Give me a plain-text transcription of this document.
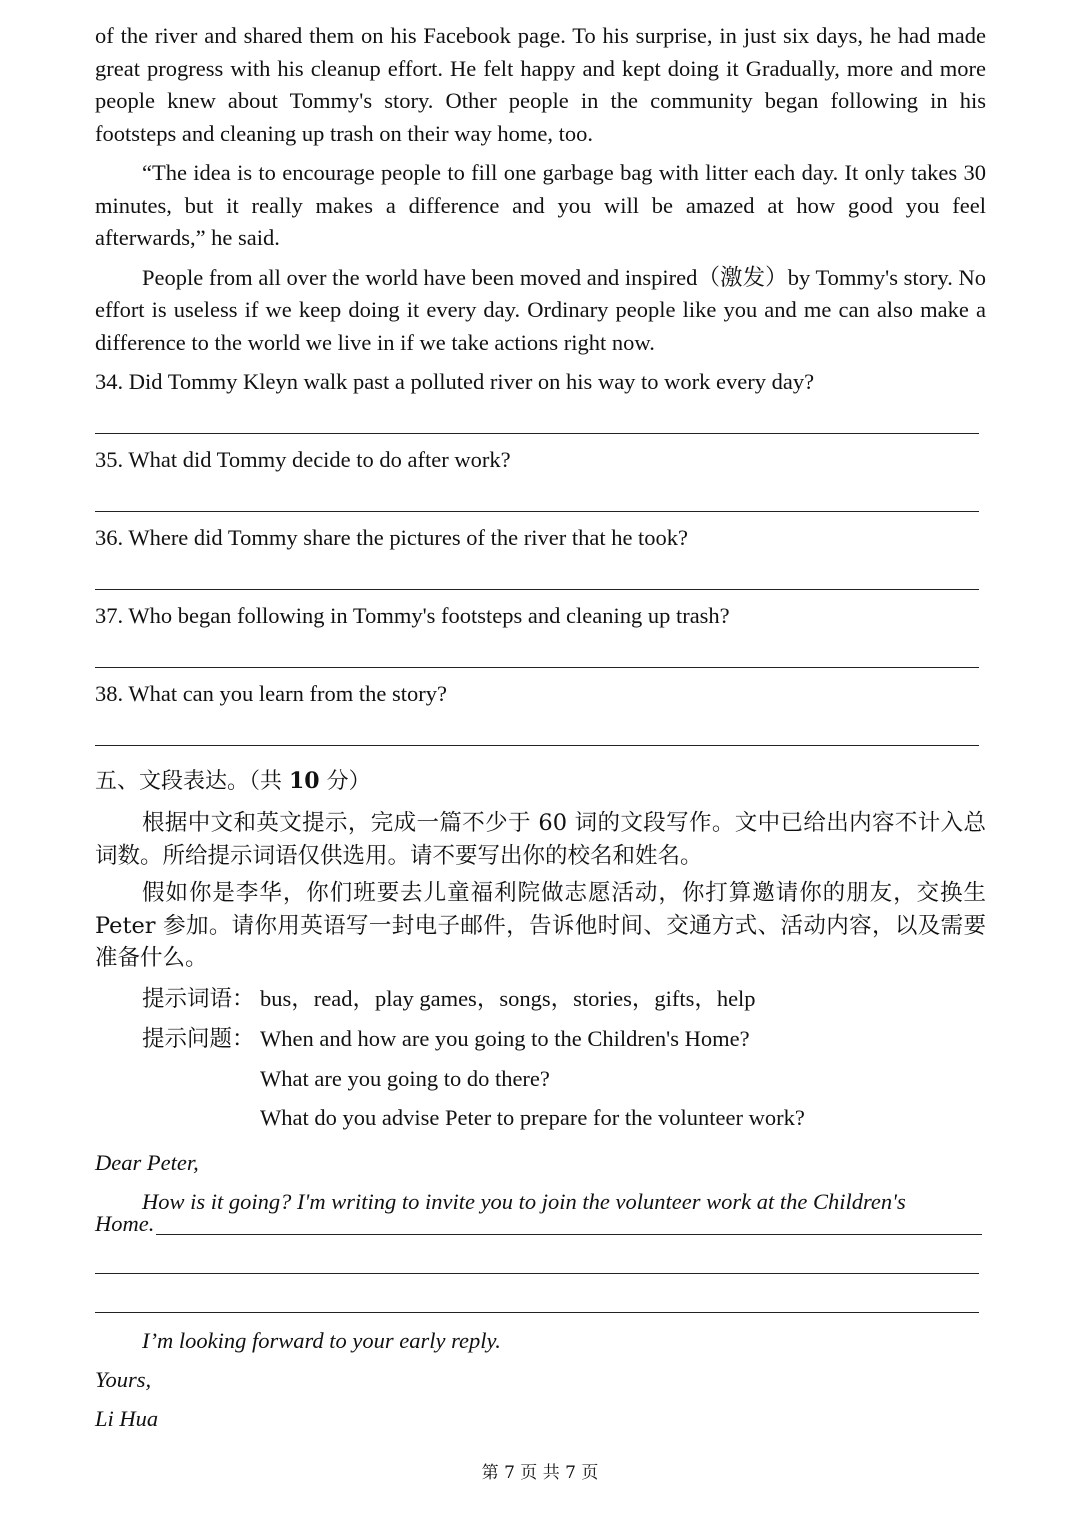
of the river and shared them on his Facebook page. To his surprise, in just six days, he had made great progress with his cleanup effort. He felt happy and kept doing it Gradually, more and more people knew about Tommy's story. Other people in the community began following in his footsteps and cleaning up trash on their way home, too.

“The idea is to encourage people to fill one garbage bag with litter each day. It only takes 30 minutes, but it really makes a difference and you will be amazed at how good you feel afterwards,” he said.

People from all over the world have been moved and inspired（激发）by Tommy's story. No effort is useless if we keep doing it every day. Ordinary people like you and me can also make a difference to the world we live in if we take actions right now.

34. Did Tommy Kleyn walk past a polluted river on his way to work every day?

35. What did Tommy decide to do after work?

36. Where did Tommy share the pictures of the river that he took?

37. Who began following in Tommy's footsteps and cleaning up trash?

38. What can you learn from the story?

五、文段表达。（共 10 分）

根据中文和英文提示，完成一篇不少于 60 词的文段写作。文中已给出内容不计入总词数。所给提示词语仅供选用。请不要写出你的校名和姓名。

假如你是李华，你们班要去儿童福利院做志愿活动，你打算邀请你的朋友，交换生 Peter 参加。请你用英语写一封电子邮件，告诉他时间、交通方式、活动内容，以及需要准备什么。

提示词语： bus，read，play games，songs，stories，gifts，help

提示问题： When and how are you going to the Children's Home?

What are you going to do there?

What do you advise Peter to prepare for the volunteer work?

Dear Peter,

How is it going? I'm writing to invite you to join the volunteer work at the Children's

Home.

I’m looking forward to your early reply.

Yours,

Li Hua

第 7 页 共 7 页
